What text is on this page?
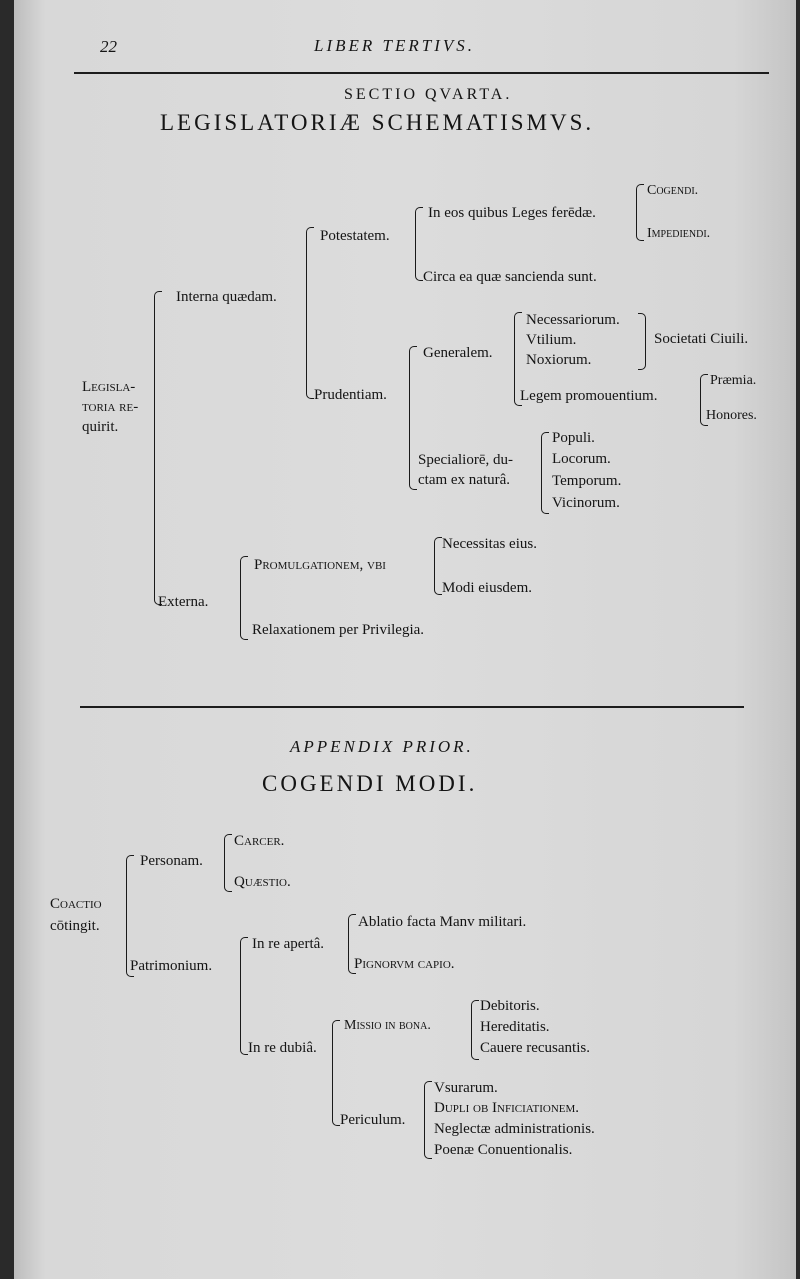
22	LIBER TERTIVS.
SECTIO QVARTA.
LEGISLATORIÆ SCHEMATISMVS.
Legisla-
toria re-
quirit.
Interna quædam.
Potestatem.
In eos quibus Leges ferēdæ.
Cogendi.
Impediendi.
Circa ea quæ sancienda sunt.
Prudentiam.
Generalem.
Necessariorum.
Vtilium.
Noxiorum.
Societati Ciuili.
Legem promouentium.
Præmia.
Honores.
Specialiorē, du-
ctam ex naturâ.
Populi.
Locorum.
Temporum.
Vicinorum.
Externa.
Promulgationem, vbi
Necessitas eius.
Modi eiusdem.
Relaxationem per Privilegia.
APPENDIX PRIOR.
COGENDI MODI.
Coactio
cōtingit.
Personam.
Carcer.
Quæstio.
Patrimonium.
In re apertâ.
Ablatio facta Manv militari.
Pignorvm capio.
In re dubiâ.
Missio in bona.
Debitoris.
Hereditatis.
Cauere recusantis.
Periculum.
Vsurarum.
Dupli ob Inficiationem.
Neglectæ administrationis.
Poenæ Conuentionalis.
